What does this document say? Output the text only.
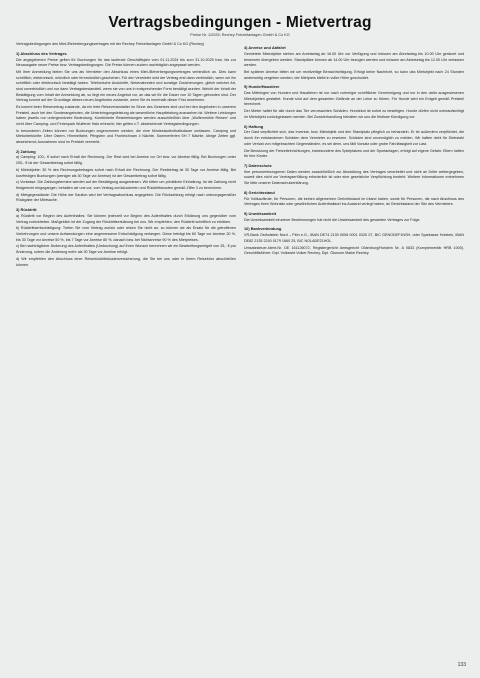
Vertragsbedingungen - Mietvertrag
Preise Nr. 1/2025; Rechey Freizeitanlagen GmbH & Co KG

Vertragsbedingungen des Miet-/Beherbergungsvertrages mit der Rechey Freizeitanlagen GmbH & Co KG (Rechey)

1) Abschluss des Vertrages

Die angegebenen Preise gelten für Buchungen für das laufende Geschäftsjahr vom 01.11.2024 bis zum 31.10.2025 bzw. bis zur Neuausgabe neuer Preise bzw. Vertragsbedingungen. Die Preise können zudem nachträglich angepasst werden.

Mit Ihrer Anmeldung bieten Sie uns als Vermieter den Abschluss eines Miet-/Beherbergungsvertrages verbindlich an. Dies kann schriftlich, elektronisch, mündlich oder fernmündlich geschehen. Für den Vermieter wird der Vertrag erst dann verbindlich, wenn wir ihn schriftlich oder elektronisch bestätigt haben. Telefonische Auskünfte, Nebenabreden und sonstige Zusicherungen, gleich welcher Art, sind unverbindlich und nur dann Vertragsbestandteil, wenn sie von uns in entsprechender Form bestätigt wurden. Weicht der Inhalt der Bestätigung vom Inhalt der Anmeldung ab, so liegt ein neues Angebot vor, an das wir für die Dauer von 10 Tagen gebunden sind. Der Vertrag kommt auf der Grundlage dieses neuen Angebotes zustande, wenn Sie es innerhalb dieser Frist annehmen.

Es kommt beim Reisevertrag zustande, da ein freie Reiseveranstalter im Sinne des Gesetzes sind und bei den Angeboten in unserem Preisteil, auch bei den Sonderangeboten, die Unterbringungsleistung als wesentliche Hauptleistung anzusehen ist. Weitere Leistungen haben jeweils nur untergeordnete Bedeutung. Kombinierte Reiseleistungen werden ausschließlich über „Wolfenmühle Reisen“ und nicht über Camping- und Ferienpark Wulfener Hals erbracht; hier gelten z.T. abweichende Vertragsbedingungen.

In besonderen Zeiten können nur Buchungen angenommen werden, die eine Mindestaufenthaltsdauer umfassen. Camping und Mietunterkünfte: Über Ostern, Himmelfahrt, Pfingsten und Fronleichnam 4 Nächte, Sommerferien SH 7 Nächte, übrige Zeiten ggf. abweichend; Ausnahmen sind im Preisteil vermerkt.

2) Zahlung

a) Camping: 100,- € sofort nach Erhalt der Rechnung. Der Rest wird bei Anreise vor Ort bzw. vor Abreise fällig. Bei Buchungen unter 200,- € ist der Gesamtbetrag sofort fällig.

b) Mietobjekte: 30 % des Rechnungsbetrages sofort nach Erhalt der Rechnung. Der Restbetrag ist 30 Tage vor Anreise fällig. Bei kurzfristigen Buchungen (weniger als 30 Tage vor Anreise) ist der Gesamtbetrag sofort fällig.

c) Vorkasse: Die Zahlungstermine werden auf der Bestätigung ausgewiesen. Wir bitten um pünktliche Einhaltung. Ist die Zahlung nicht fristgerecht eingegangen, behalten wir uns vor, vom Vertrag zurückzutreten und Rücktrittskosten gemäß Ziffer 3 zu berechnen.

d) Mietgegenstände: Die Höhe der Kaution wird bei Vertragsabschluss angegeben. Die Rückzahlung erfolgt nach ordnungsgemäßer Rückgabe der Mietsache.

3) Rücktritt

a) Rücktritt vor Beginn des Aufenthaltes: Sie können jederzeit vor Beginn des Aufenthaltes durch Erklärung uns gegenüber vom Vertrag zurücktreten. Maßgeblich ist der Zugang der Rücktrittserklärung bei uns. Wir empfehlen, den Rücktritt schriftlich zu erklären.

b) Rücktrittsentschädigung: Treten Sie vom Vertrag zurück oder reisen Sie nicht an, so können wir als Ersatz für die getroffenen Vorkehrungen und unsere Aufwendungen eine angemessene Entschädigung verlangen. Diese beträgt bis 60 Tage vor Anreise 20 %, bis 30 Tage vor Anreise 50 %, bis 7 Tage vor Anreise 80 %, danach bzw. bei Nichtanreise 90 % des Mietpreises.

c) Bei nachträglicher Änderung des Aufenthaltes (Umbuchung) auf Ihren Wunsch berechnen wir ein Bearbeitungsentgelt von 25,- € pro Änderung, sofern die Änderung mehr als 30 Tage vor Anreise erfolgt.

d) Wir empfehlen den Abschluss einer Reiserücktrittskostenversicherung, die Sie bei uns oder in Ihrem Reisebüro abschließen können.

4) Anreise und Abfahrt

Gemietete Mietobjekte stehen am Anreisetag ab 16.00 Uhr zur Verfügung und müssen am Abreisetag bis 10.00 Uhr geräumt und besenrein übergeben werden. Standplätze können ab 14.00 Uhr bezogen werden und müssen am Abreisetag bis 12.00 Uhr verlassen werden.

Bei späterer Anreise bitten wir um rechtzeitige Benachrichtigung. Erfolgt keine Nachricht, so kann das Mietobjekt nach 24 Stunden anderweitig vergeben werden; der Mietpreis bleibt in voller Höhe geschuldet.

5) Hunde/Haustiere

Das Mitbringen von Hunden und Haustieren ist nur nach vorheriger schriftlicher Genehmigung und nur in den dafür ausgewiesenen Mietobjekten gestattet. Hunde sind auf dem gesamten Gelände an der Leine zu führen. Für Hunde wird ein Entgelt gemäß Preisteil berechnet.

Der Mieter haftet für alle durch das Tier verursachten Schäden. Hundekot ist sofort zu beseitigen. Hunde dürfen nicht unbeaufsichtigt im Mietobjekt zurückgelassen werden. Bei Zuwiderhandlung behalten wir uns die fristlose Kündigung vor.

6) Haftung

Der Gast verpflichtet sich, das Inventar, bzw. Mietobjekt und den Standplatz pfleglich zu behandeln. Er ist außerdem verpflichtet, die durch ihn entstandenen Schäden dem Vermieter zu ersetzen. Schäden sind unverzüglich zu melden. Wir haften nicht für Diebstahl oder Verlust von mitgebrachten Gegenständen, es sei denn, uns fällt Vorsatz oder grobe Fahrlässigkeit zur Last.

Die Benutzung der Freizeiteinrichtungen, insbesondere des Spielplatzes und der Sportanlagen, erfolgt auf eigene Gefahr. Eltern haften für ihre Kinder.

7) Datenschutz

Ihre personenbezogenen Daten werden ausschließlich zur Abwicklung des Vertrages verarbeitet und nicht an Dritte weitergegeben, soweit dies nicht zur Vertragserfüllung erforderlich ist oder eine gesetzliche Verpflichtung besteht. Weitere Informationen entnehmen Sie bitte unserer Datenschutzerklärung.

8) Gerichtsstand

Für Vollkaufleute, für Personen, die keinen allgemeinen Gerichtsstand im Inland haben, sowie für Personen, die nach Abschluss des Vertrages ihren Wohnsitz oder gewöhnlichen Aufenthaltsort ins Ausland verlegt haben, ist Gerichtsstand der Sitz des Vermieters.

9) Unwirksamkeit

Die Unwirksamkeit einzelner Bestimmungen hat nicht die Unwirksamkeit des gesamten Vertrages zur Folge.

10) Bankverbindung

VR-Bank Ostholstein Nord – Plön e.G., IBAN DE74 2139 0008 0001 0320 07, BIC GENODEF1NSH, oder Sparkasse Holstein, IBAN DE82 2135 2240 0179 1660 25, BIC NOLADE21HOL.

Umsatzsteuer-Ident-Nr. DE 161126072, Registergericht Amtsgericht Oldenburg/Holstein Nr. A 0833 (Komplementär HRB 1000). Geschäftsführer: Dipl. Volkswirt Volker Rechey, Dipl. Ökonom Maike Rechey.

133
